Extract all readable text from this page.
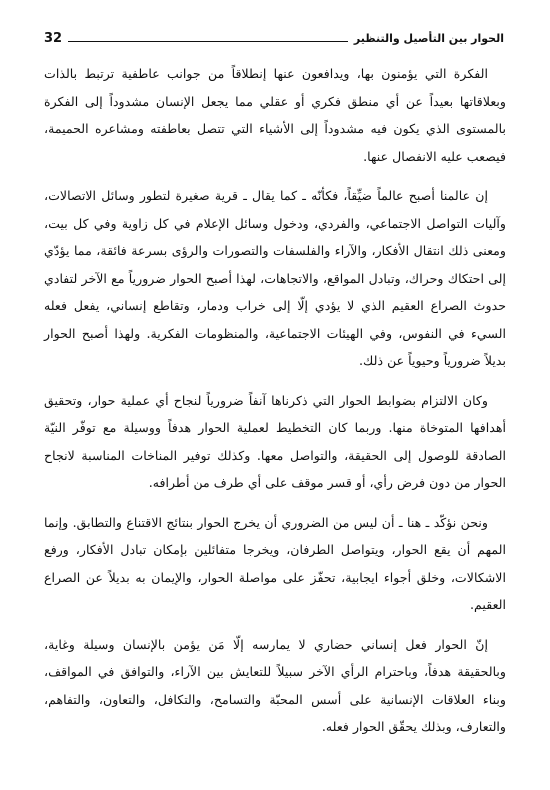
32	الحوار بين التأصيل والتنظير

الفكرة التي يؤمنون بها، ويدافعون عنها إنطلاقاً من جوانب عاطفية ترتبط بالذات وبعلاقاتها بعيداً عن أي منطق فكري أو عقلي مما يجعل الإنسان مشدوداً إلى الفكرة بالمستوى الذي يكون فيه مشدوداً إلى الأشياء التي تتصل بعاطفته ومشاعره الحميمة، فيصعب عليه الانفصال عنها.

إن عالمنا أصبح عالماً ضيِّقاً، فكأنّه ـ كما يقال ـ قرية صغيرة لتطور وسائل الاتصالات، وآليات التواصل الاجتماعي، والفردي، ودخول وسائل الإعلام في كل زاوية وفي كل بيت، ومعنى ذلك انتقال الأفكار، والآراء والفلسفات والتصورات والرؤى بسرعة فائقة، مما يؤدّي إلى احتكاك وحراك، وتبادل المواقع، والاتجاهات، لهذا أصبح الحوار ضرورياً مع الآخر لتفادي حدوث الصراع العقيم الذي لا يؤدي إلّا إلى خراب ودمار، وتقاطع إنساني، يفعل فعله السيء في النفوس، وفي الهيئات الاجتماعية، والمنظومات الفكرية. ولهذا أصبح الحوار بديلاً ضرورياً وحيوياً عن ذلك.

وكان الالتزام بضوابط الحوار التي ذكرناها آنفاً ضرورياً لنجاح أي عملية حوار، وتحقيق أهدافها المتوخاة منها. وربما كان التخطيط لعملية الحوار هدفاً ووسيلة مع توفّر النيّة الصادقة للوصول إلى الحقيقة، والتواصل معها. وكذلك توفير المناخات المناسبة لانجاح الحوار من دون فرض رأي، أو قسر موقف على أي طرف من أطرافه.

ونحن نؤكّد ـ هنا ـ أن ليس من الضروري أن يخرج الحوار بنتائج الاقتناع والتطابق. وإنما المهم أن يقع الحوار، ويتواصل الطرفان، ويخرجا متفائلين بإمكان تبادل الأفكار، ورفع الاشكالات، وخلق أجواء ايجابية، تحفّز على مواصلة الحوار، والإيمان به بديلاً عن الصراع العقيم.

إنّ الحوار فعل إنساني حضاري لا يمارسه إلّا مَن يؤمن بالإنسان وسيلة وغاية، وبالحقيقة هدفاً، وباحترام الرأي الآخر سبيلاً للتعايش بين الآراء، والتوافق في المواقف، وبناء العلاقات الإنسانية على أسس المحبّة والتسامح، والتكافل، والتعاون، والتفاهم، والتعارف، وبذلك يحقّق الحوار فعله.
